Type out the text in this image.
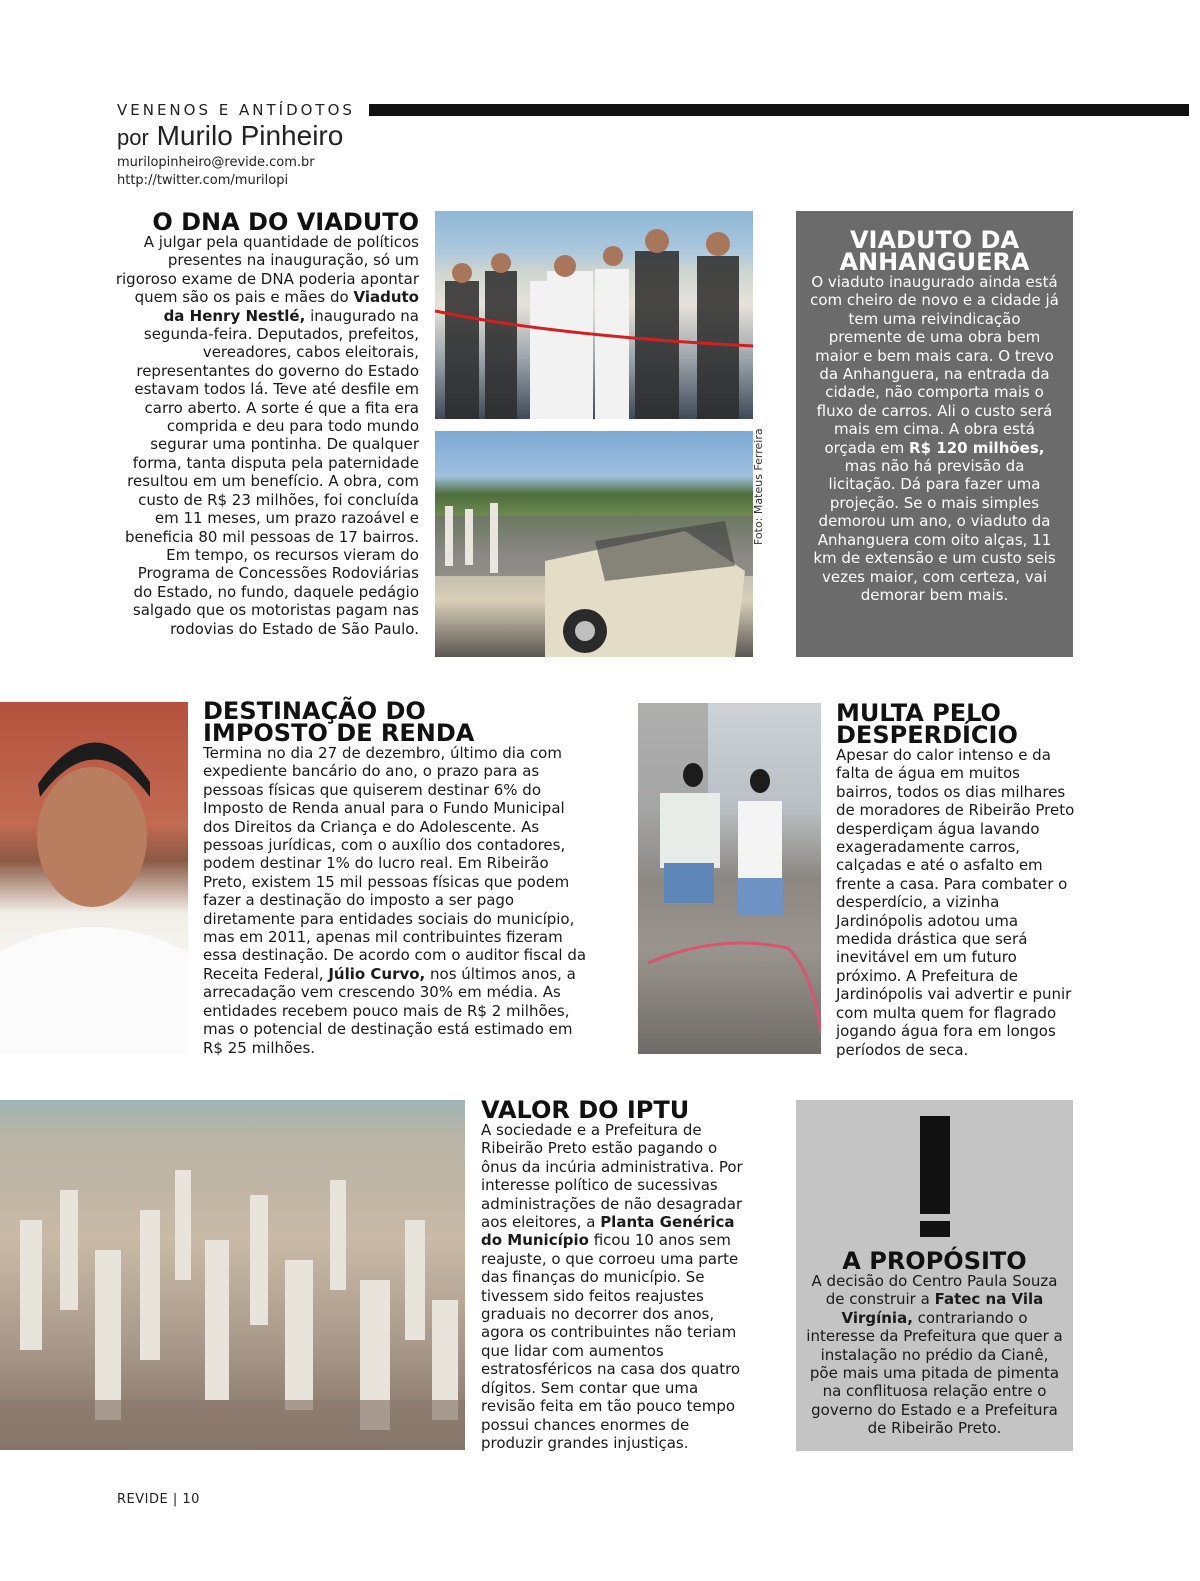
VENENOS E ANTÍDOTOS
por Murilo Pinheiro
murilopinheiro@revide.com.br
http://twitter.com/murilopi
O DNA DO VIADUTO
A julgar pela quantidade de políticos presentes na inauguração, só um rigoroso exame de DNA poderia apontar quem são os pais e mães do Viaduto da Henry Nestlé, inaugurado na segunda-feira. Deputados, prefeitos, vereadores, cabos eleitorais, representantes do governo do Estado estavam todos lá. Teve até desfile em carro aberto. A sorte é que a fita era comprida e deu para todo mundo segurar uma pontinha. De qualquer forma, tanta disputa pela paternidade resultou em um benefício. A obra, com custo de R$ 23 milhões, foi concluída em 11 meses, um prazo razoável e beneficia 80 mil pessoas de 17 bairros. Em tempo, os recursos vieram do Programa de Concessões Rodoviárias do Estado, no fundo, daquele pedágio salgado que os motoristas pagam nas rodovias do Estado de São Paulo.
Foto: Mateus Ferreira
VIADUTO DA
ANHANGUERA
O viaduto inaugurado ainda está com cheiro de novo e a cidade já tem uma reivindicação premente de uma obra bem maior e bem mais cara. O trevo da Anhanguera, na entrada da cidade, não comporta mais o fluxo de carros. Ali o custo será mais em cima. A obra está orçada em R$ 120 milhões, mas não há previsão da licitação. Dá para fazer uma projeção. Se o mais simples demorou um ano, o viaduto da Anhanguera com oito alças, 11 km de extensão e um custo seis vezes maior, com certeza, vai demorar bem mais.
DESTINAÇÃO DO
IMPOSTO DE RENDA
Termina no dia 27 de dezembro, último dia com expediente bancário do ano, o prazo para as pessoas físicas que quiserem destinar 6% do Imposto de Renda anual para o Fundo Municipal dos Direitos da Criança e do Adolescente. As pessoas jurídicas, com o auxílio dos contadores, podem destinar 1% do lucro real. Em Ribeirão Preto, existem 15 mil pessoas físicas que podem fazer a destinação do imposto a ser pago diretamente para entidades sociais do município, mas em 2011, apenas mil contribuintes fizeram essa destinação. De acordo com o auditor fiscal da Receita Federal, Júlio Curvo, nos últimos anos, a arrecadação vem crescendo 30% em média. As entidades recebem pouco mais de R$ 2 milhões, mas o potencial de destinação está estimado em R$ 25 milhões.
MULTA PELO
DESPERDÍCIO
Apesar do calor intenso e da falta de água em muitos bairros, todos os dias milhares de moradores de Ribeirão Preto desperdiçam água lavando exageradamente carros, calçadas e até o asfalto em frente a casa. Para combater o desperdício, a vizinha Jardinópolis adotou uma medida drástica que será inevitável em um futuro próximo. A Prefeitura de Jardinópolis vai advertir e punir com multa quem for flagrado jogando água fora em longos períodos de seca.
VALOR DO IPTU
A sociedade e a Prefeitura de Ribeirão Preto estão pagando o ônus da incúria administrativa. Por interesse político de sucessivas administrações de não desagradar aos eleitores, a Planta Genérica do Município ficou 10 anos sem reajuste, o que corroeu uma parte das finanças do município. Se tivessem sido feitos reajustes graduais no decorrer dos anos, agora os contribuintes não teriam que lidar com aumentos estratosféricos na casa dos quatro dígitos. Sem contar que uma revisão feita em tão pouco tempo possui chances enormes de produzir grandes injustiças.
A PROPÓSITO
A decisão do Centro Paula Souza de construir a Fatec na Vila Virgínia, contrariando o interesse da Prefeitura que quer a instalação no prédio da Cianê, põe mais uma pitada de pimenta na conflituosa relação entre o governo do Estado e a Prefeitura de Ribeirão Preto.
REVIDE | 10
